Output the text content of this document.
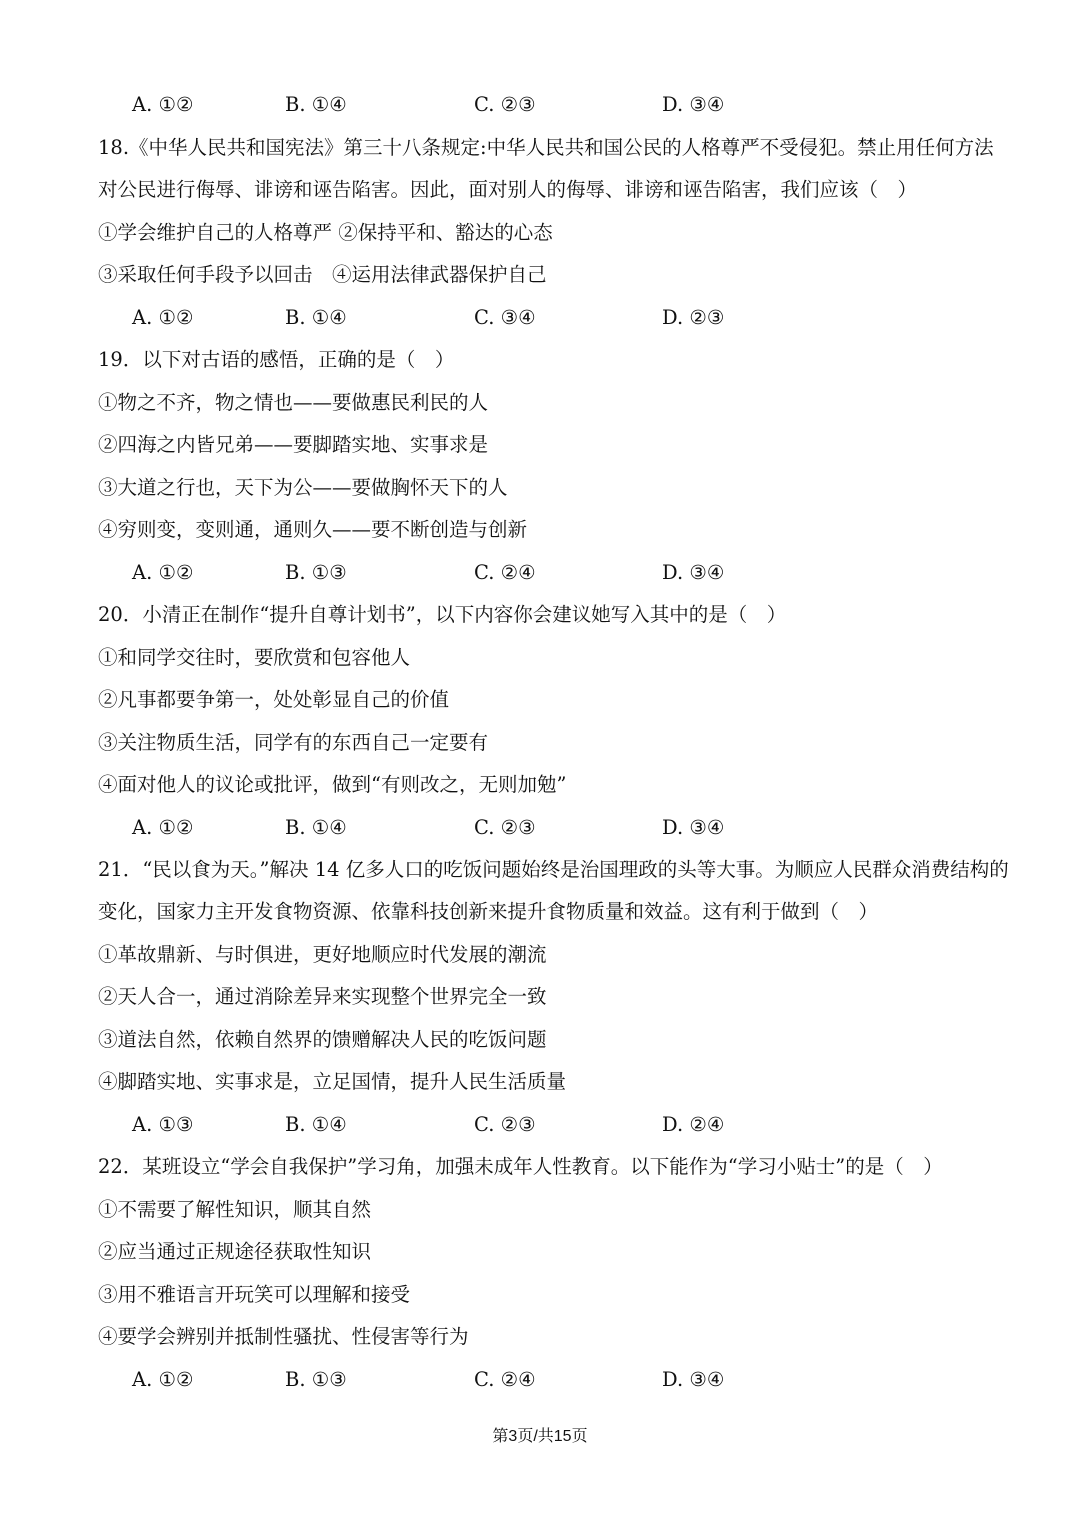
A. ①②	B. ①④	C. ②③	D. ③④
18.《中华人民共和国宪法》第三十八条规定:中华人民共和国公民的人格尊严不受侵犯。禁止用任何方法
对公民进行侮辱、诽谤和诬告陷害。因此，面对别人的侮辱、诽谤和诬告陷害，我们应该（　）
①学会维护自己的人格尊严 ②保持平和、豁达的心态
③采取任何手段予以回击　④运用法律武器保护自己
A. ①②	B. ①④	C. ③④	D. ②③
19．以下对古语的感悟，正确的是（　）
①物之不齐，物之情也——要做惠民利民的人
②四海之内皆兄弟——要脚踏实地、实事求是
③大道之行也，天下为公——要做胸怀天下的人
④穷则变，变则通，通则久——要不断创造与创新
A. ①②	B. ①③	C. ②④	D. ③④
20．小清正在制作“提升自尊计划书”，以下内容你会建议她写入其中的是（　）
①和同学交往时，要欣赏和包容他人
②凡事都要争第一，处处彰显自己的价值
③关注物质生活，同学有的东西自己一定要有
④面对他人的议论或批评，做到“有则改之，无则加勉”
A. ①②	B. ①④	C. ②③	D. ③④
21．“民以食为天。”解决 14 亿多人口的吃饭问题始终是治国理政的头等大事。为顺应人民群众消费结构的
变化，国家力主开发食物资源、依靠科技创新来提升食物质量和效益。这有利于做到（　）
①革故鼎新、与时俱进，更好地顺应时代发展的潮流
②天人合一，通过消除差异来实现整个世界完全一致
③道法自然，依赖自然界的馈赠解决人民的吃饭问题
④脚踏实地、实事求是，立足国情，提升人民生活质量
A. ①③	B. ①④	C. ②③	D. ②④
22．某班设立“学会自我保护”学习角，加强未成年人性教育。以下能作为“学习小贴士”的是（　）
①不需要了解性知识，顺其自然
②应当通过正规途径获取性知识
③用不雅语言开玩笑可以理解和接受
④要学会辨别并抵制性骚扰、性侵害等行为
A. ①②	B. ①③	C. ②④	D. ③④
第3页/共15页
